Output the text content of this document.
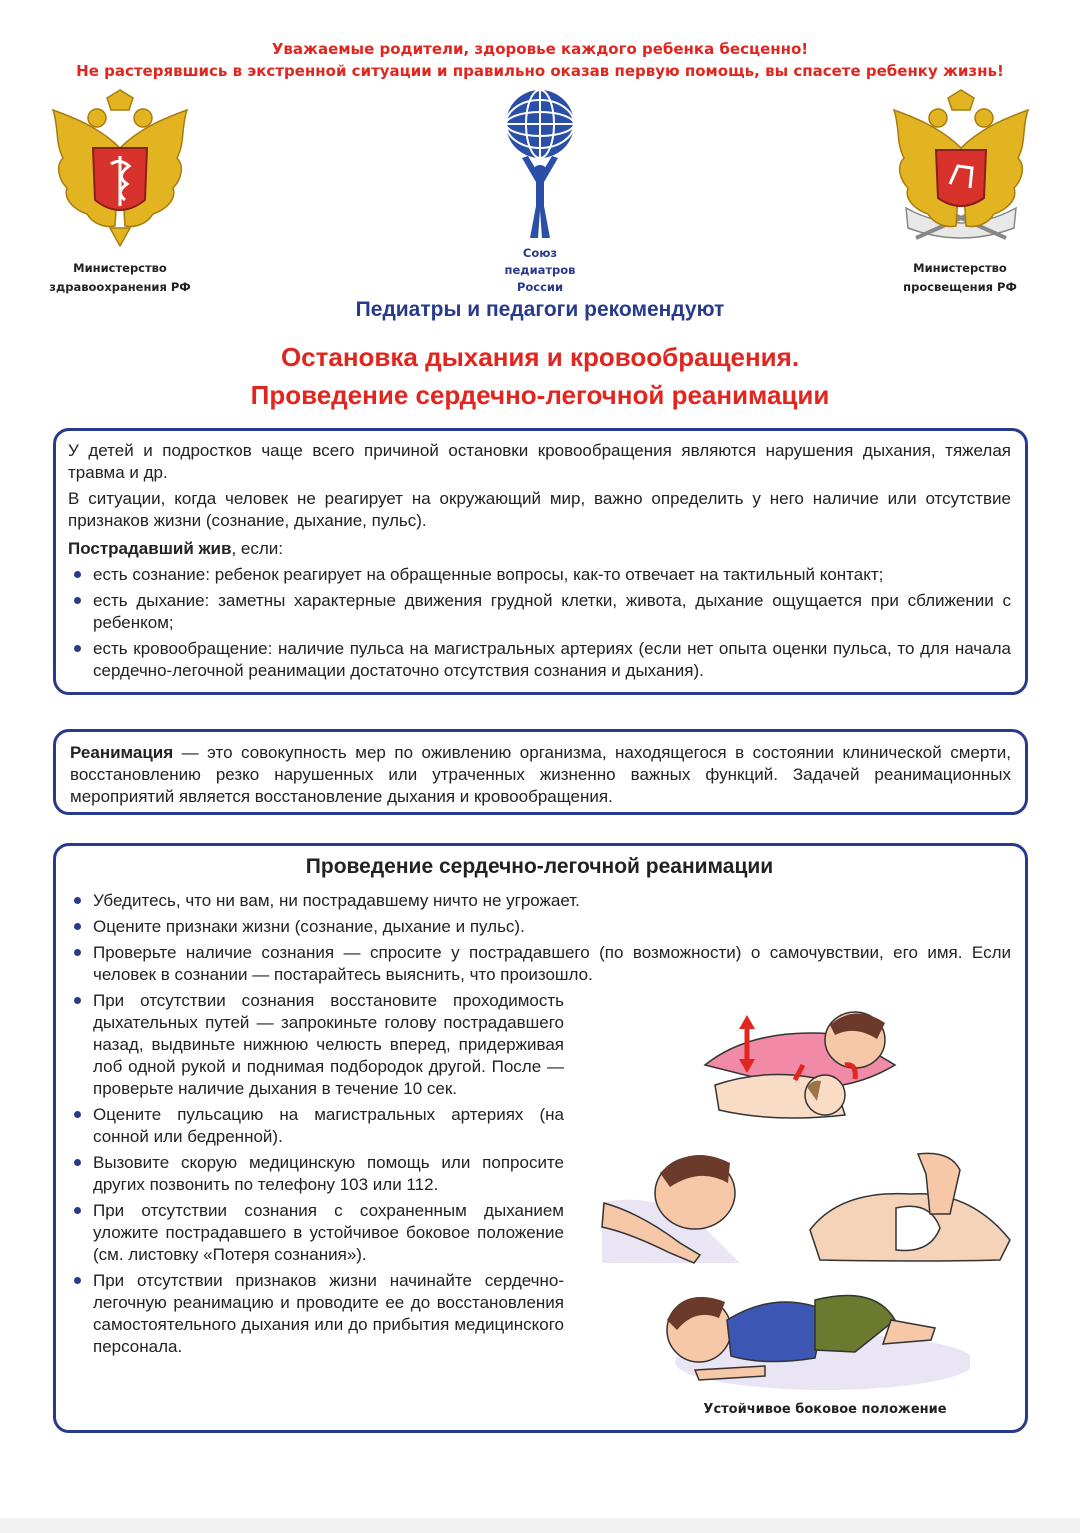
Уважаемые родители, здоровье каждого ребенка бесценно!
Не растерявшись в экстренной ситуации и правильно оказав первую помощь, вы спасете ребенку жизнь!
Министерство
здравоохранения РФ
Союз
педиатров
России
Министерство
просвещения РФ
Педиатры и педагоги рекомендуют
Остановка дыхания и кровообращения.
Проведение сердечно-легочной реанимации

У детей и подростков чаще всего причиной остановки кровообращения являются нарушения дыхания, тяжелая травма и др.

В ситуации, когда человек не реагирует на окружающий мир, важно определить у него наличие или отсутствие признаков жизни (сознание, дыхание, пульс).

Пострадавший жив, если:

есть сознание: ребенок реагирует на обращенные вопросы, как-то отвечает на тактильный контакт;
есть дыхание: заметны характерные движения грудной клетки, живота, дыхание ощущается при сближении с ребенком;
есть кровообращение: наличие пульса на магистральных артериях (если нет опыта оценки пульса, то для начала сердечно-легочной реанимации достаточно отсутствия сознания и дыхания).

Реанимация — это совокупность мер по оживлению организма, находящегося в состоянии клинической смерти, восстановлению резко нарушенных или утраченных жизненно важных функций. Задачей реанимационных мероприятий является восстановление дыхания и кровообращения.

Проведение сердечно-легочной реанимации
Убедитесь, что ни вам, ни пострадавшему ничто не угрожает.
Оцените признаки жизни (сознание, дыхание и пульс).
Проверьте наличие сознания — спросите у пострадавшего (по возможности) о самочувствии, его имя. Если человек в сознании — постарайтесь выяснить, что произошло.
При отсутствии сознания восстановите проходимость дыхательных путей — запрокиньте голову пострадавшего назад, выдвиньте нижнюю челюсть вперед, придерживая лоб одной рукой и поднимая подбородок другой. После — проверьте наличие дыхания в течение 10 сек.
Оцените пульсацию на магистральных артериях (на сонной или бедренной).
Вызовите скорую медицинскую помощь или попросите других позвонить по телефону 103 или 112.
При отсутствии сознания с сохраненным дыханием уложите пострадавшего в устойчивое боковое положение (см. листовку «Потеря сознания»).
При отсутствии признаков жизни начинайте сердечно-легочную реанимацию и проводите ее до восстановления самостоятельного дыхания или до прибытия медицинского персонала.
Устойчивое боковое положение
